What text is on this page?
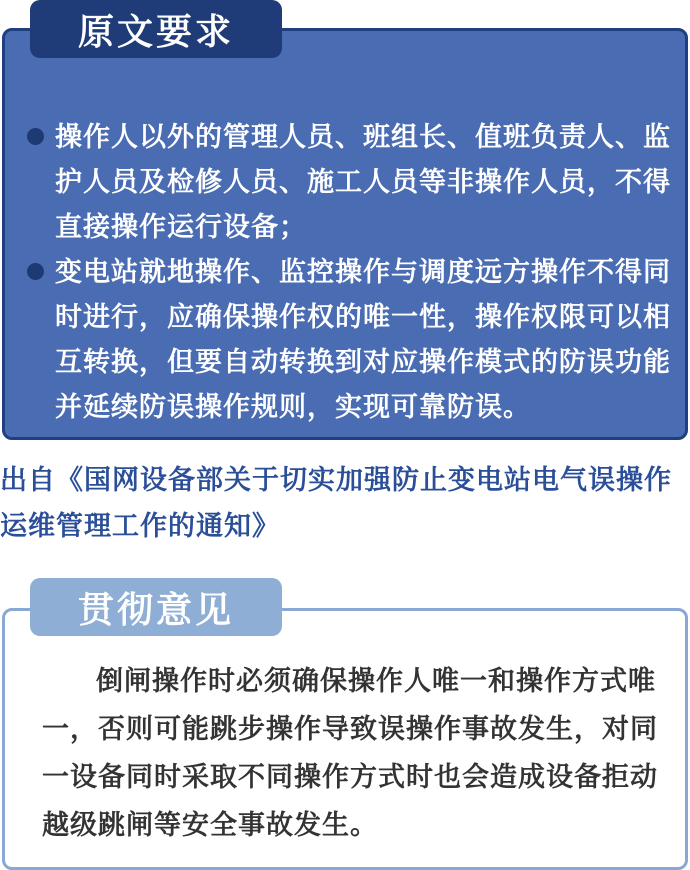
操作人以外的管理人员、班组长、值班负责人、监护人员及检修人员、施工人员等非操作人员，不得直接操作运行设备；
变电站就地操作、监控操作与调度远方操作不得同时进行，应确保操作权的唯一性，操作权限可以相互转换，但要自动转换到对应操作模式的防误功能并延续防误操作规则，实现可靠防误。
原文要求
出自《国网设备部关于切实加强防止变电站电气误操作运维管理工作的通知》
贯彻意见

倒闸操作时必须确保操作人唯一和操作方式唯一，否则可能跳步操作导致误操作事故发生，对同一设备同时采取不同操作方式时也会造成设备拒动越级跳闸等安全事故发生。
